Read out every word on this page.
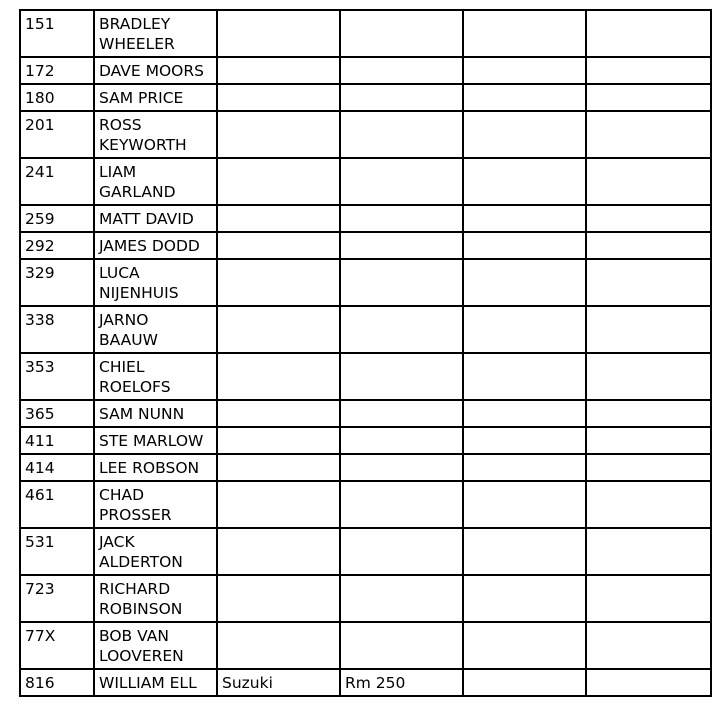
151	BRADLEY WHEELER				

172	DAVE MOORS				

180	SAM PRICE				

201	ROSS KEYWORTH				

241	LIAM GARLAND				

259	MATT DAVID				

292	JAMES DODD				

329	LUCA NIJENHUIS				

338	JARNO BAAUW				

353	CHIEL ROELOFS				

365	SAM NUNN				

411	STE MARLOW				

414	LEE ROBSON				

461	CHAD PROSSER				

531	JACK ALDERTON				

723	RICHARD ROBINSON				

77X	BOB VAN LOOVEREN				

816	WILLIAM ELL	Suzuki	Rm 250		
